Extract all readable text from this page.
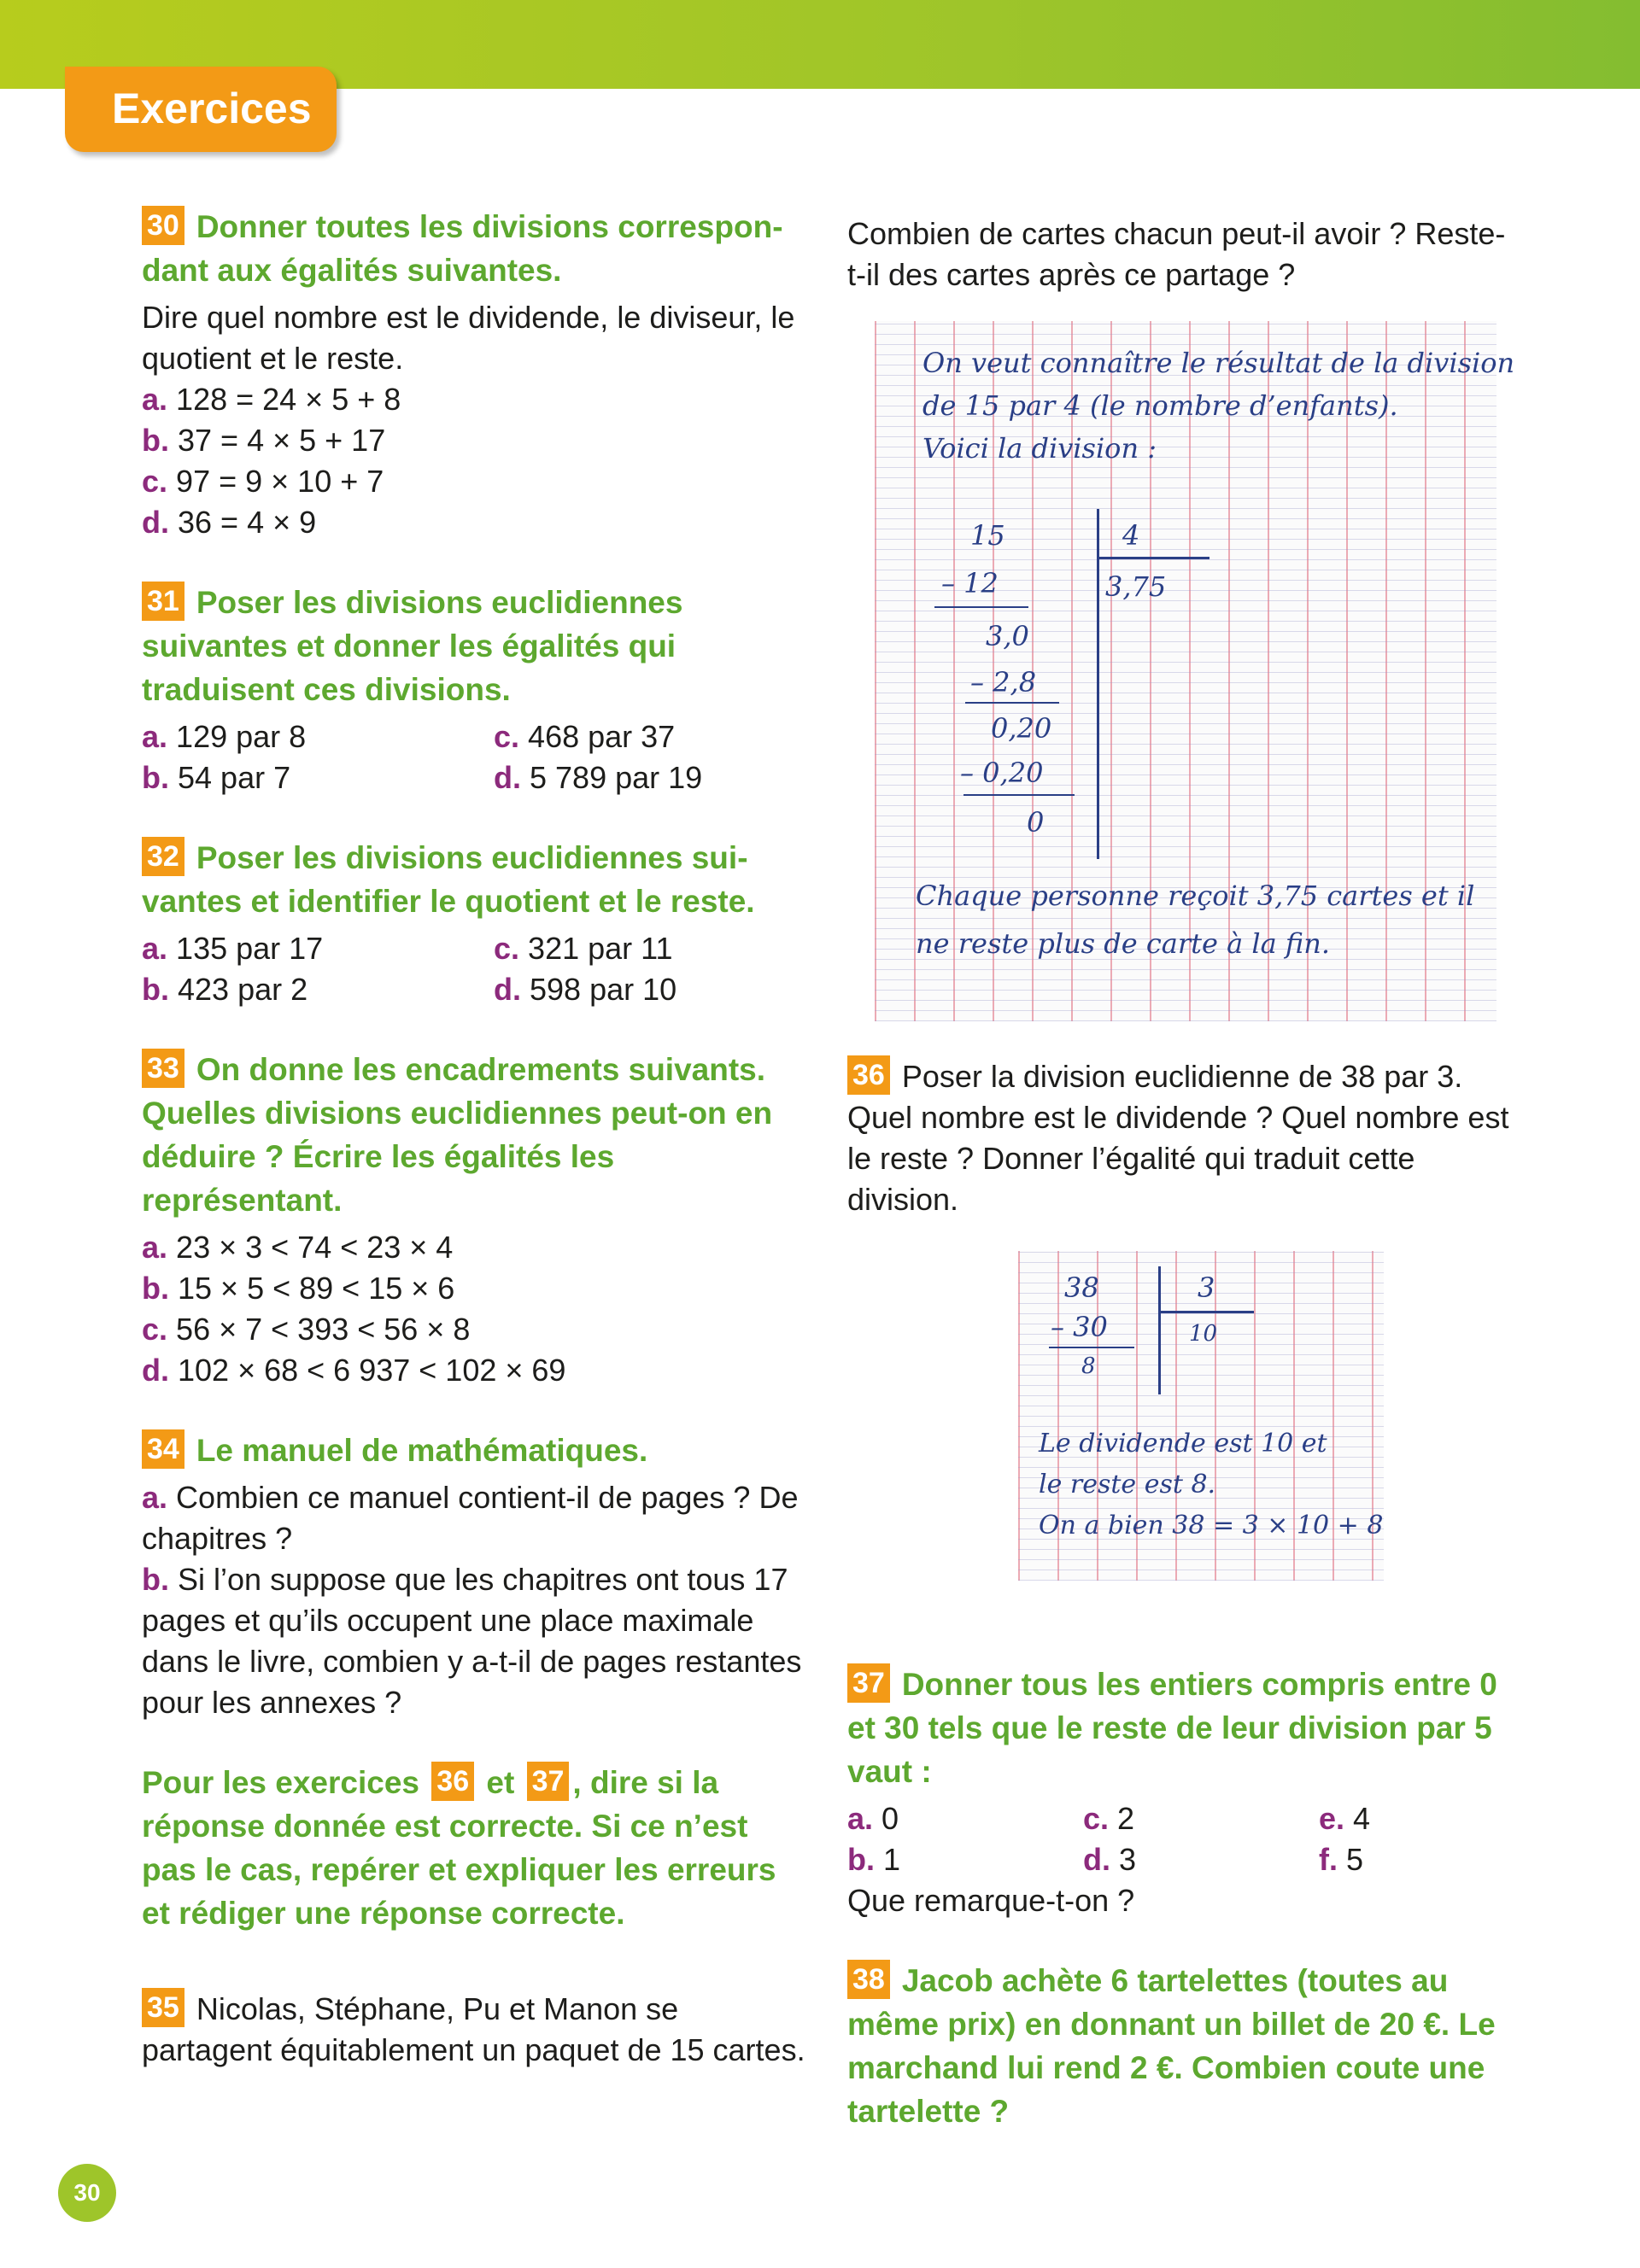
Exercices
30 Donner toutes les divisions correspondant aux égalités suivantes.
Dire quel nombre est le dividende, le diviseur, le quotient et le reste.
a. 128 = 24 × 5 + 8
b. 37 = 4 × 5 + 17
c. 97 = 9 × 10 + 7
d. 36 = 4 × 9
31 Poser les divisions euclidiennes suivantes et donner les égalités qui traduisent ces divisions.
a. 129 par 8	c. 468 par 37
b. 54 par 7	d. 5 789 par 19
32 Poser les divisions euclidiennes suivantes et identifier le quotient et le reste.
a. 135 par 17	c. 321 par 11
b. 423 par 2	d. 598 par 10
33 On donne les encadrements suivants. Quelles divisions euclidiennes peut-on en déduire ? Écrire les égalités les représentant.
a. 23 × 3 < 74 < 23 × 4
b. 15 × 5 < 89 < 15 × 6
c. 56 × 7 < 393 < 56 × 8
d. 102 × 68 < 6 937 < 102 × 69
34 Le manuel de mathématiques.
a. Combien ce manuel contient-il de pages ? De chapitres ?
b. Si l’on suppose que les chapitres ont tous 17 pages et qu’ils occupent une place maximale dans le livre, combien y a-t-il de pages restantes pour les annexes ?
Pour les exercices 36 et 37 , dire si la réponse donnée est correcte. Si ce n’est pas le cas, repérer et expliquer les erreurs et rédiger une réponse correcte.
35 Nicolas, Stéphane, Pu et Manon se partagent équitablement un paquet de 15 cartes.
Combien de cartes chacun peut-il avoir ? Reste-t-il des cartes après ce partage ?
On veut connaître le résultat de la division
de 15 par 4 (le nombre d’enfants).
Voici la division :
15	4
3,75
– 12
3,0
– 2,8
0,20
– 0,20
0
Chaque personne reçoit 3,75 cartes et il
ne reste plus de carte à la fin.
36 Poser la division euclidienne de 38 par 3. Quel nombre est le dividende ? Quel nombre est le reste ? Donner l’égalité qui traduit cette division.
38	3
– 30	10
8
Le dividende est 10 et
le reste est 8.
On a bien 38 = 3 × 10 + 8
37 Donner tous les entiers compris entre 0 et 30 tels que le reste de leur division par 5 vaut :
a. 0	c. 2	e. 4
b. 1	d. 3	f. 5
Que remarque-t-on ?
38 Jacob achète 6 tartelettes (toutes au même prix) en donnant un billet de 20 €. Le marchand lui rend 2 €. Combien coute une tartelette ?
30
